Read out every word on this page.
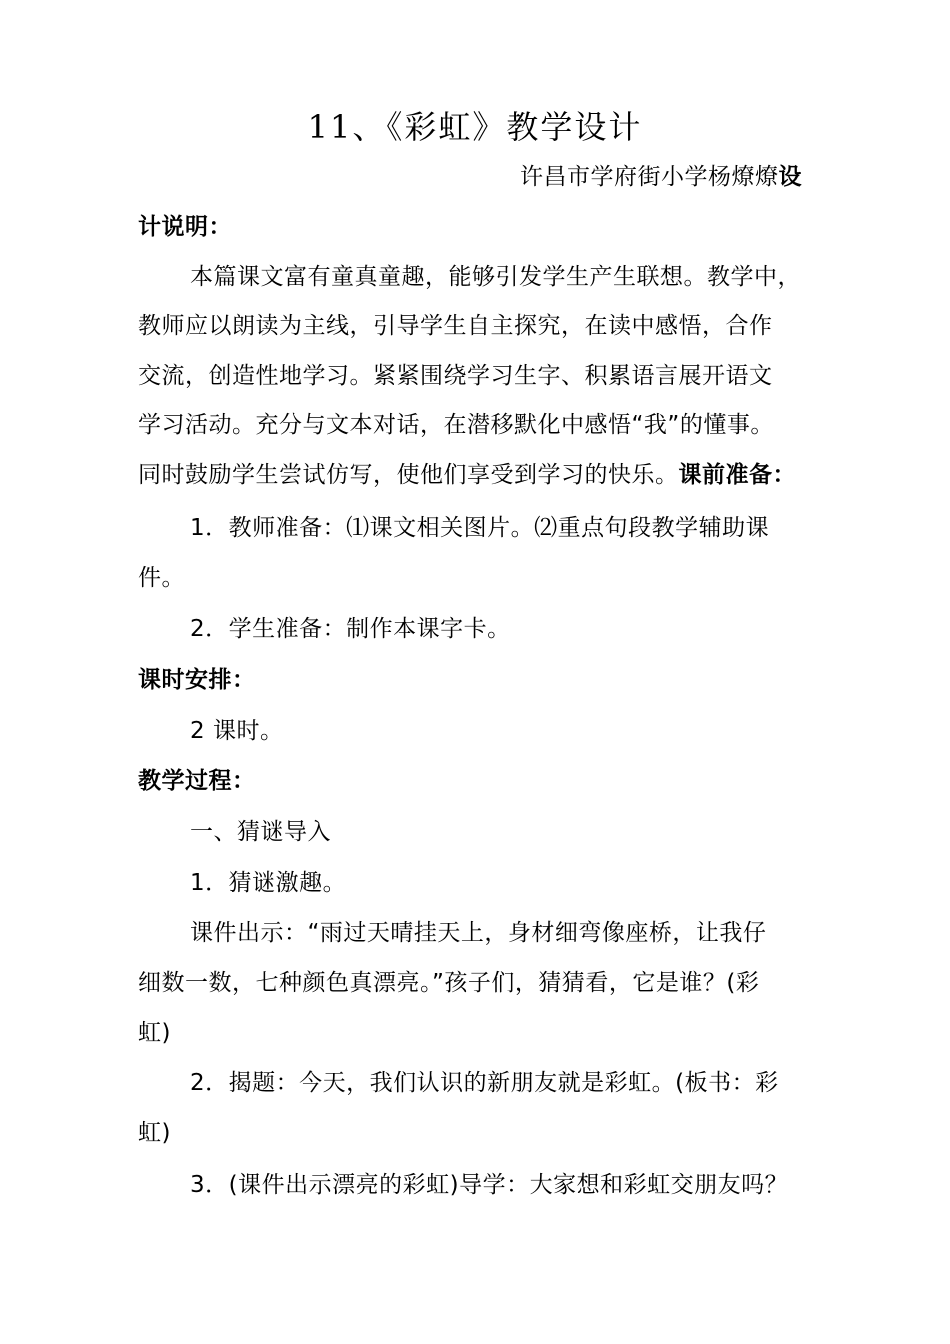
11、《彩虹》教学设计
许昌市学府街小学杨燎燎设
计说明：
本篇课文富有童真童趣，能够引发学生产生联想。教学中，
教师应以朗读为主线，引导学生自主探究，在读中感悟，合作
交流，创造性地学习。紧紧围绕学习生字、积累语言展开语文
学习活动。充分与文本对话，在潜移默化中感悟“我”的懂事。
同时鼓励学生尝试仿写，使他们享受到学习的快乐。课前准备：
1．教师准备：⑴课文相关图片。⑵重点句段教学辅助课
件。
2．学生准备：制作本课字卡。
课时安排：
2 课时。
教学过程：
一、猜谜导入
1．猜谜激趣。
课件出示：“雨过天晴挂天上，身材细弯像座桥，让我仔
细数一数，七种颜色真漂亮。”孩子们，猜猜看，它是谁？(彩
虹)
2．揭题：今天，我们认识的新朋友就是彩虹。(板书：彩
虹)
3．(课件出示漂亮的彩虹)导学：大家想和彩虹交朋友吗？
